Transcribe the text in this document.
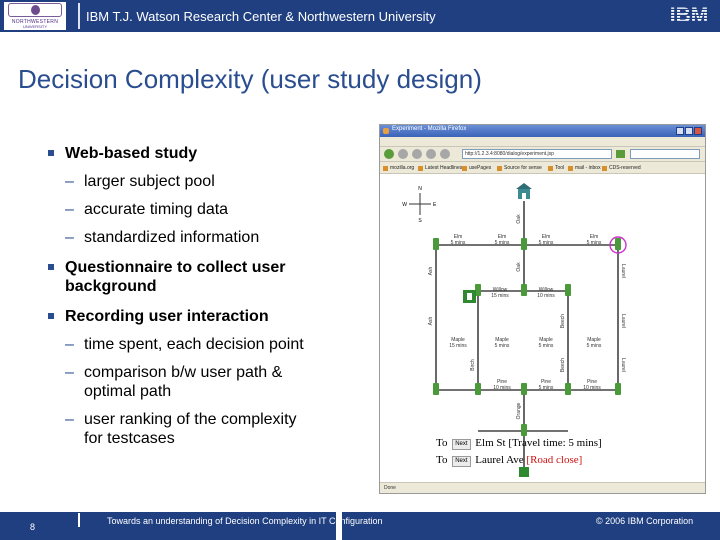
NORTHWESTERN
UNIVERSITY
IBM T.J. Watson Research Center & Northwestern University
Decision Complexity (user study design)
Web-based study
– larger subject pool
– accurate timing data
– standardized information
Questionnaire to collect user
background
Recording user interaction
– time spent, each decision point
– comparison b/w user path &
optimal path
– user ranking of the complexity
for testcases
Experiment - Mozilla Firefox
http://1.2.3.4:8080/dialog/experiment.jsp
mozilla.org	Latest Headlines	usePages	Source for sense	Tool	mail - inbox	CDS-reserved
N
S
W	E
Elm
5 mins
Elm
5 mins
Elm
5 mins
Elm
5 mins
Willow
15 mins
Willow
10 mins
Maple
15 mins
Maple
5 mins
Maple
5 mins
Maple
5 mins
Pine
10 mins
Pine
5 mins
Pine
10 mins
Oak
Ash	Oak	Laurel
Ash	Beech	Laurel
Birch	Beech	Laurel
Orange
To Next Elm St [Travel time: 5 mins]
To Next Laurel Ave [Road close]
Done
8
Towards an understanding of Decision Complexity in IT Configuration	© 2006 IBM Corporation
